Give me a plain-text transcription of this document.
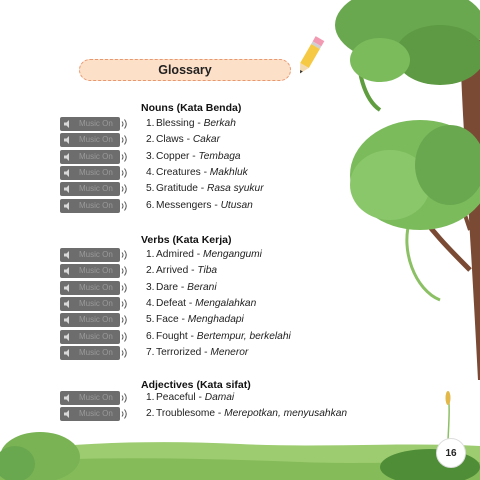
Glossary
Nouns (Kata Benda)
Verbs (Kata Kerja)
Adjectives (Kata sifat)
Music On	1. Blessing - Berkah
Music On	2. Claws - Cakar
Music On	3. Copper - Tembaga
Music On	4. Creatures - Makhluk
Music On	5. Gratitude - Rasa syukur
Music On	6. Messengers - Utusan
Music On	1. Admired - Mengangumi
Music On	2. Arrived - Tiba
Music On	3. Dare - Berani
Music On	4. Defeat - Mengalahkan
Music On	5. Face - Menghadapi
Music On	6. Fought - Bertempur, berkelahi
Music On	7. Terrorized - Meneror
Music On	1. Peaceful - Damai
Music On	2. Troublesome - Merepotkan, menyusahkan
16
